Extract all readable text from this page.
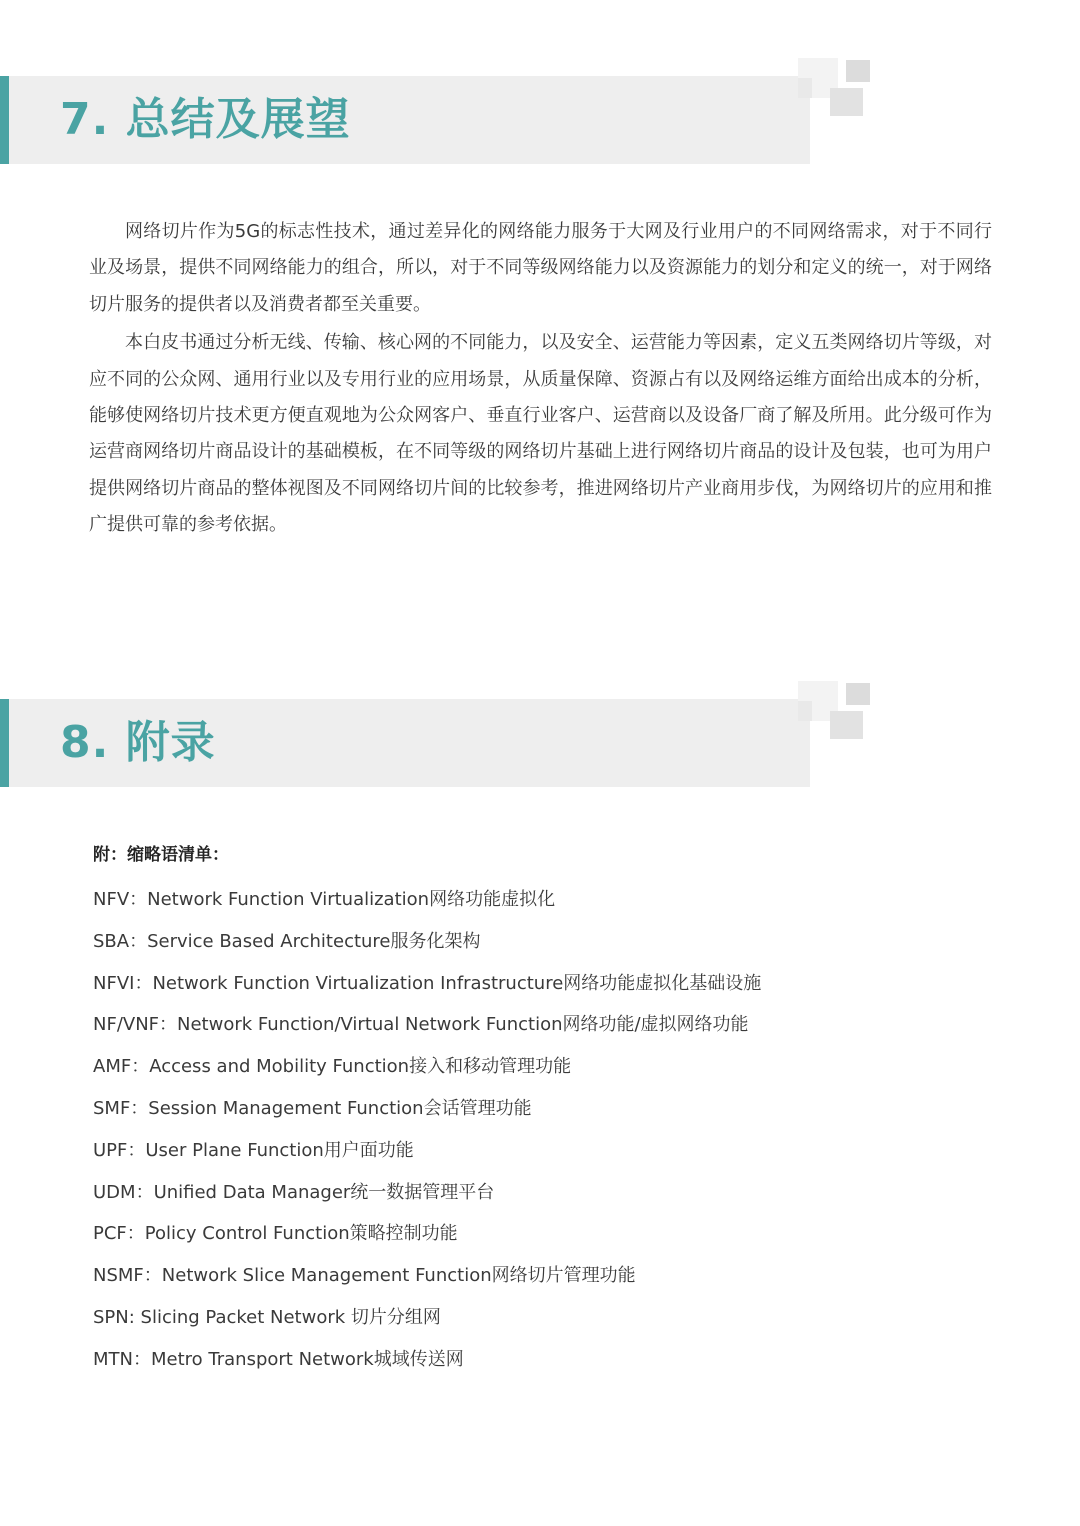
7. 总结及展望

网络切片作为5G的标志性技术，通过差异化的网络能力服务于大网及行业用户的不同网络需求，对于不同行业及场景，提供不同网络能力的组合，所以，对于不同等级网络能力以及资源能力的划分和定义的统一，对于网络切片服务的提供者以及消费者都至关重要。

本白皮书通过分析无线、传输、核心网的不同能力，以及安全、运营能力等因素，定义五类网络切片等级，对应不同的公众网、通用行业以及专用行业的应用场景，从质量保障、资源占有以及网络运维方面给出成本的分析，能够使网络切片技术更方便直观地为公众网客户、垂直行业客户、运营商以及设备厂商了解及所用。此分级可作为运营商网络切片商品设计的基础模板，在不同等级的网络切片基础上进行网络切片商品的设计及包装，也可为用户提供网络切片商品的整体视图及不同网络切片间的比较参考，推进网络切片产业商用步伐，为网络切片的应用和推广提供可靠的参考依据。

8. 附录
附：缩略语清单：
NFV：Network Function Virtualization网络功能虚拟化
SBA：Service Based Architecture服务化架构
NFVI：Network Function Virtualization Infrastructure网络功能虚拟化基础设施
NF/VNF：Network Function/Virtual Network Function网络功能/虚拟网络功能
AMF：Access and Mobility Function接入和移动管理功能
SMF：Session Management Function会话管理功能
UPF：User Plane Function用户面功能
UDM：Unified Data Manager统一数据管理平台
PCF：Policy Control Function策略控制功能
NSMF：Network Slice Management Function网络切片管理功能
SPN: Slicing Packet Network 切片分组网
MTN：Metro Transport Network城域传送网
